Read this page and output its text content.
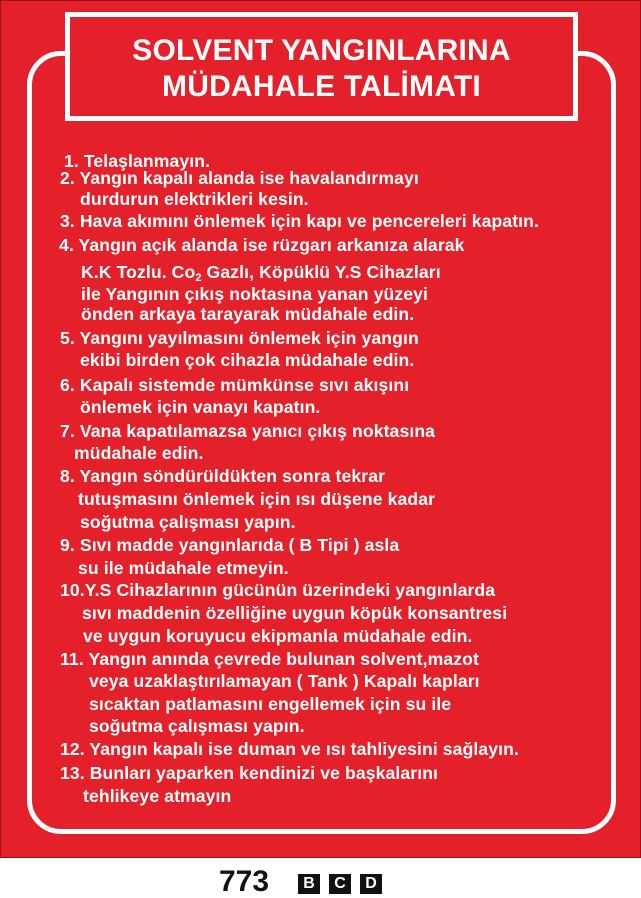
SOLVENT YANGINLARINA
MÜDAHALE TALİMATI
1. Telaşlanmayın.
2. Yangın kapalı alanda ise havalandırmayı
durdurun elektrikleri kesin.
3. Hava akımını önlemek için kapı ve pencereleri kapatın.
4. Yangın açık alanda ise rüzgarı arkanıza alarak
K.K Tozlu. $Co_2$ Gazlı, Köpüklü Y.S Cihazları
ile Yangının çıkış noktasına yanan yüzeyi
önden arkaya tarayarak müdahale edin.
5. Yangını yayılmasını önlemek için yangın
ekibi birden çok cihazla müdahale edin.
6. Kapalı sistemde mümkünse sıvı akışını
önlemek için vanayı kapatın.
7. Vana kapatılamazsa yanıcı çıkış noktasına
müdahale edin.
8. Yangın söndürüldükten sonra tekrar
tutuşmasını önlemek için ısı düşene kadar
soğutma çalışması yapın.
9. Sıvı madde yangınlarıda ( B Tipi ) asla
su ile müdahale etmeyin.
10.Y.S Cihazlarının gücünün üzerindeki yangınlarda
sıvı maddenin özelliğine uygun köpük konsantresi
ve uygun koruyucu ekipmanla müdahale edin.
11. Yangın anında çevrede bulunan solvent,mazot
veya uzaklaştırılamayan ( Tank ) Kapalı kapları
sıcaktan patlamasını engellemek için su ile
soğutma çalışması yapın.
12. Yangın kapalı ise duman ve ısı tahliyesini sağlayın.
13. Bunları yaparken kendinizi ve başkalarını
tehlikeye atmayın
773	B	C	D
